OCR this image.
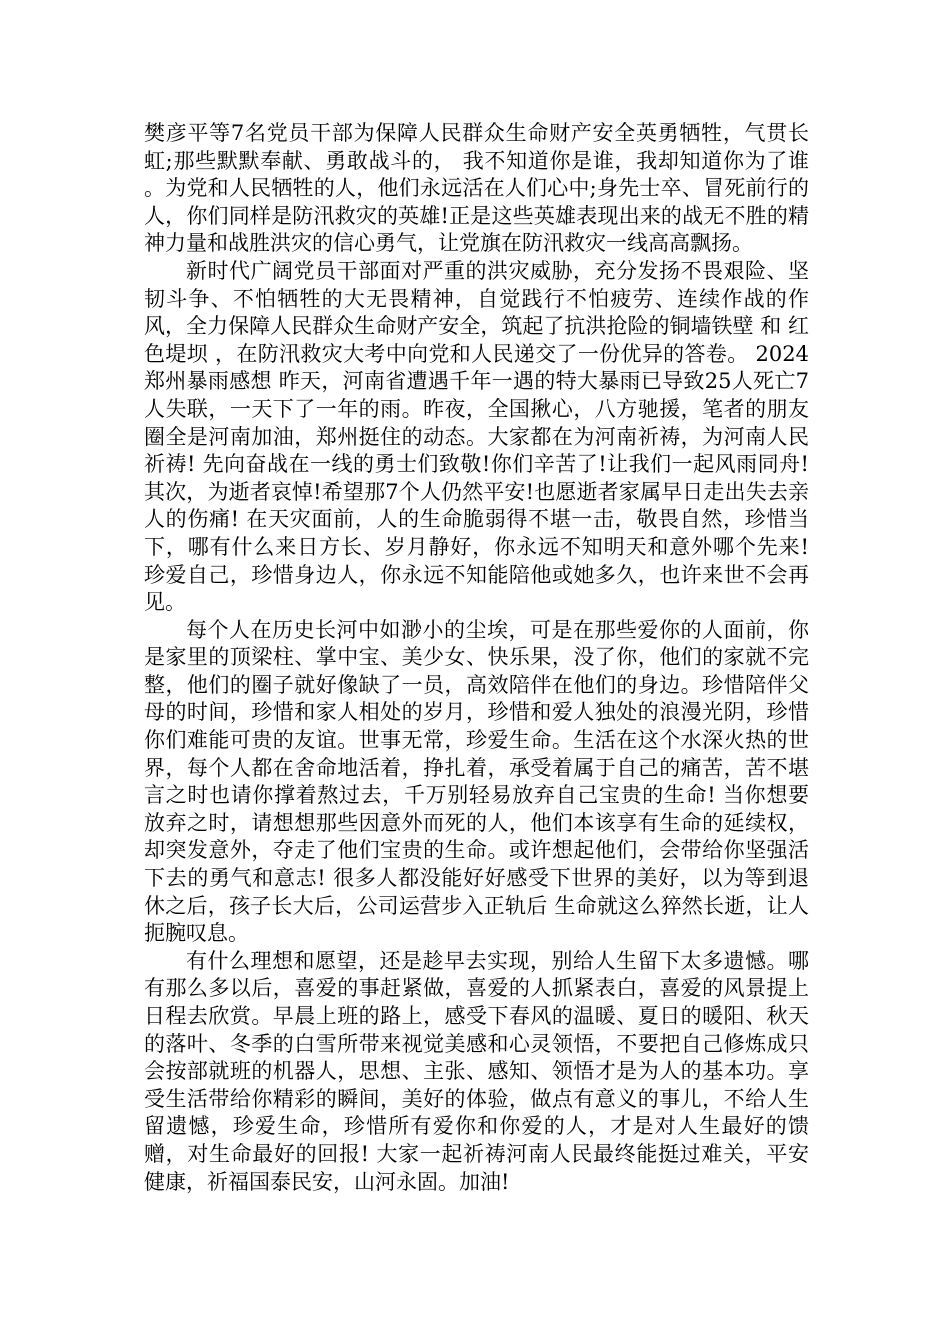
樊彦平等7名党员干部为保障人民群众生命财产安全英勇牺牲，气贯长虹;那些默默奉献、勇敢战斗的， 我不知道你是谁，我却知道你为了谁 。为党和人民牺牲的人，他们永远活在人们心中;身先士卒、冒死前行的人，你们同样是防汛救灾的英雄!正是这些英雄表现出来的战无不胜的精神力量和战胜洪灾的信心勇气，让党旗在防汛救灾一线高高飘扬。

新时代广阔党员干部面对严重的洪灾威胁，充分发扬不畏艰险、坚韧斗争、不怕牺牲的大无畏精神，自觉践行不怕疲劳、连续作战的作风，全力保障人民群众生命财产安全，筑起了抗洪抢险的铜墙铁壁 和 红色堤坝 ，在防汛救灾大考中向党和人民递交了一份优异的答卷。 2024郑州暴雨感想 昨天，河南省遭遇千年一遇的特大暴雨已导致25人死亡7人失联，一天下了一年的雨。昨夜，全国揪心，八方驰援，笔者的朋友圈全是河南加油，郑州挺住的动态。大家都在为河南祈祷，为河南人民祈祷! 先向奋战在一线的勇士们致敬!你们辛苦了!让我们一起风雨同舟! 其次，为逝者哀悼!希望那7个人仍然平安!也愿逝者家属早日走出失去亲人的伤痛! 在天灾面前，人的生命脆弱得不堪一击，敬畏自然，珍惜当下，哪有什么来日方长、岁月静好，你永远不知明天和意外哪个先来! 珍爱自己，珍惜身边人，你永远不知能陪他或她多久，也许来世不会再见。

每个人在历史长河中如渺小的尘埃，可是在那些爱你的人面前，你是家里的顶梁柱、掌中宝、美少女、快乐果，没了你，他们的家就不完整，他们的圈子就好像缺了一员，高效陪伴在他们的身边。珍惜陪伴父母的时间，珍惜和家人相处的岁月，珍惜和爱人独处的浪漫光阴，珍惜你们难能可贵的友谊。世事无常，珍爱生命。生活在这个水深火热的世界，每个人都在舍命地活着，挣扎着，承受着属于自己的痛苦，苦不堪言之时也请你撑着熬过去，千万别轻易放弃自己宝贵的生命! 当你想要放弃之时，请想想那些因意外而死的人，他们本该享有生命的延续权，却突发意外，夺走了他们宝贵的生命。或许想起他们，会带给你坚强活下去的勇气和意志! 很多人都没能好好感受下世界的美好，以为等到退休之后，孩子长大后，公司运营步入正轨后 生命就这么猝然长逝，让人扼腕叹息。

有什么理想和愿望，还是趁早去实现，别给人生留下太多遗憾。哪有那么多以后，喜爱的事赶紧做，喜爱的人抓紧表白，喜爱的风景提上日程去欣赏。早晨上班的路上，感受下春风的温暖、夏日的暖阳、秋天的落叶、冬季的白雪所带来视觉美感和心灵领悟，不要把自己修炼成只会按部就班的机器人，思想、主张、感知、领悟才是为人的基本功。享受生活带给你精彩的瞬间，美好的体验，做点有意义的事儿，不给人生留遗憾，珍爱生命，珍惜所有爱你和你爱的人，才是对人生最好的馈赠，对生命最好的回报! 大家一起祈祷河南人民最终能挺过难关，平安健康，祈福国泰民安，山河永固。加油!
